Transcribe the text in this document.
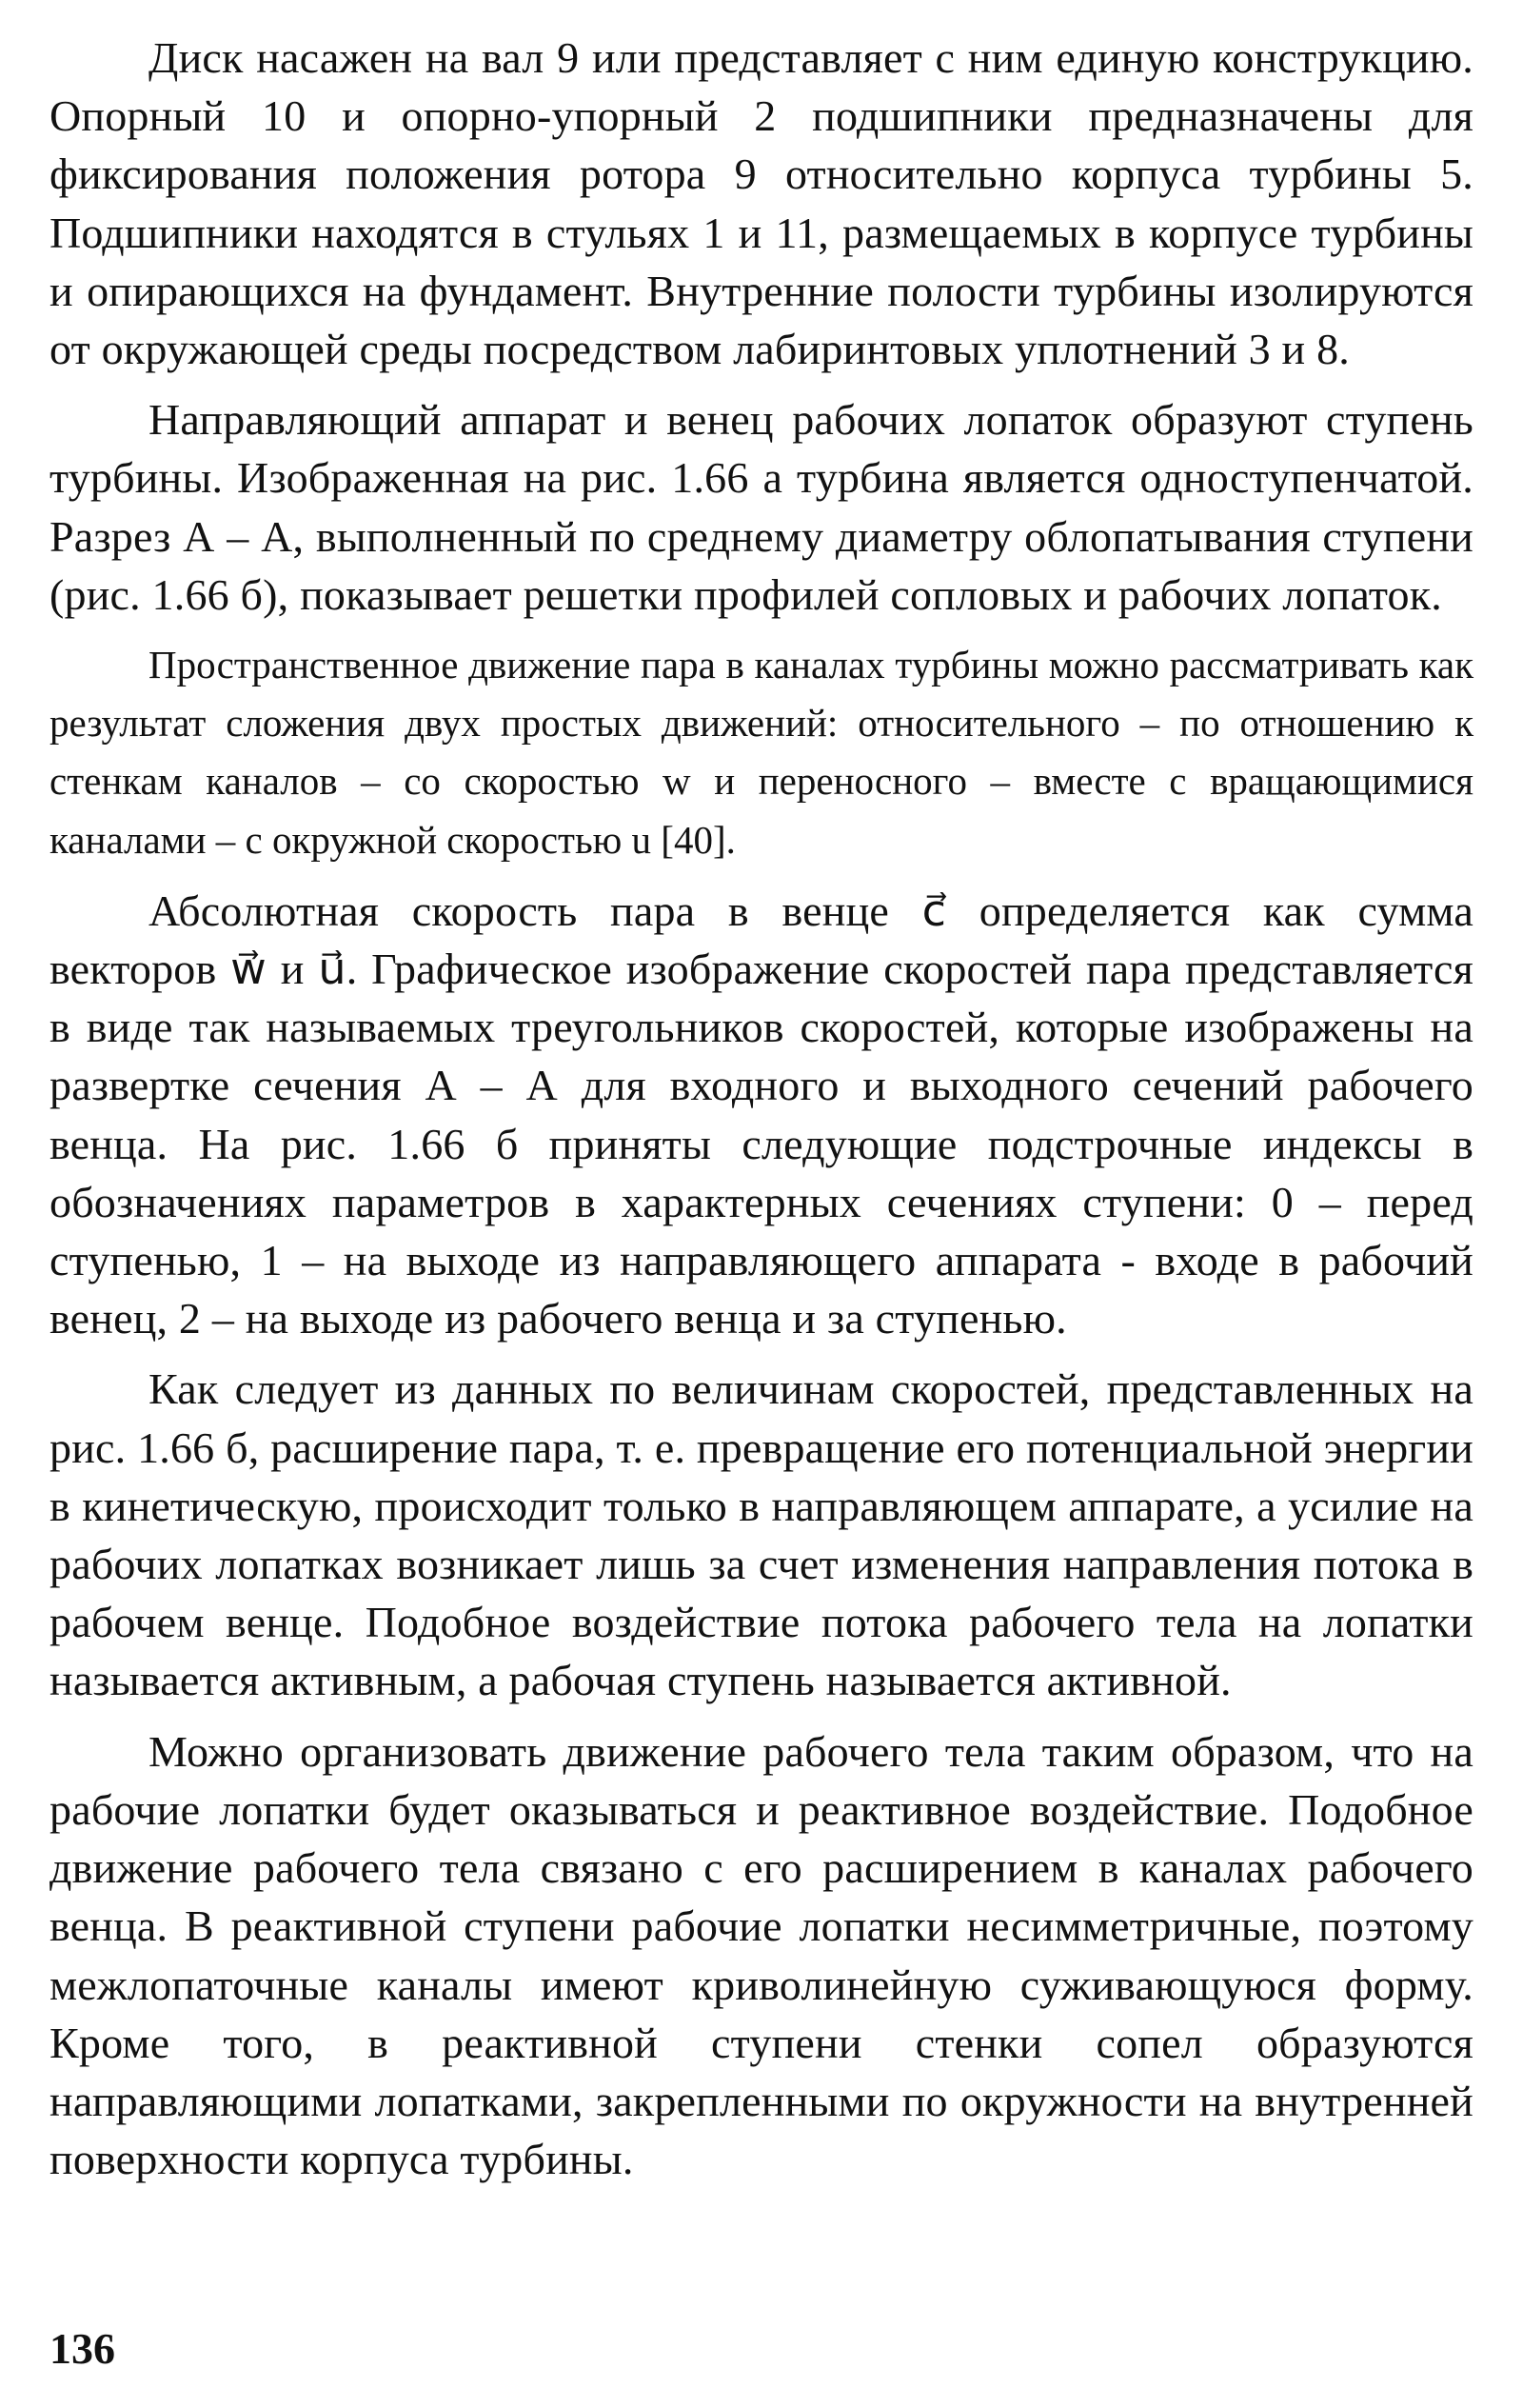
Диск насажен на вал 9 или представляет с ним единую конструкцию. Опорный 10 и опорно-упорный 2 подшипники предназначены для фиксирования положения ротора 9 относительно корпуса турбины 5. Подшипники находятся в стульях 1 и 11, размещаемых в корпусе турбины и опирающихся на фундамент. Внутренние полости турбины изолируются от окружающей среды посредством лабиринтовых уплотнений 3 и 8.

Направляющий аппарат и венец рабочих лопаток образуют ступень турбины. Изображенная на рис. 1.66 а турбина является одноступенчатой. Разрез А – А, выполненный по среднему диаметру облопатывания ступени (рис. 1.66 б), показывает решетки профилей сопловых и рабочих лопаток.

Пространственное движение пара в каналах турбины можно рассматривать как результат сложения двух простых движений: относительного – по отношению к стенкам каналов – со скоростью w и переносного – вместе с вращающимися каналами – с окружной скоростью u [40].

Абсолютная скорость пара в венце c⃗ определяется как сумма векторов w⃗ и u⃗. Графическое изображение скоростей пара представляется в виде так называемых треугольников скоростей, которые изображены на развертке сечения А – А для входного и выходного сечений рабочего венца. На рис. 1.66 б приняты следующие подстрочные индексы в обозначениях параметров в характерных сечениях ступени: 0 – перед ступенью, 1 – на выходе из направляющего аппарата - входе в рабочий венец, 2 – на выходе из рабочего венца и за ступенью.

Как следует из данных по величинам скоростей, представленных на рис. 1.66 б, расширение пара, т. е. превращение его потенциальной энергии в кинетическую, происходит только в направляющем аппарате, а усилие на рабочих лопатках возникает лишь за счет изменения направления потока в рабочем венце. Подобное воздействие потока рабочего тела на лопатки называется активным, а рабочая ступень называется активной.

Можно организовать движение рабочего тела таким образом, что на рабочие лопатки будет оказываться и реактивное воздействие. Подобное движение рабочего тела связано с его расширением в каналах рабочего венца. В реактивной ступени рабочие лопатки несимметричные, поэтому межлопаточные каналы имеют криволинейную суживающуюся форму. Кроме того, в реактивной ступени стенки сопел образуются направляющими лопатками, закрепленными по окружности на внутренней поверхности корпуса турбины.

136
